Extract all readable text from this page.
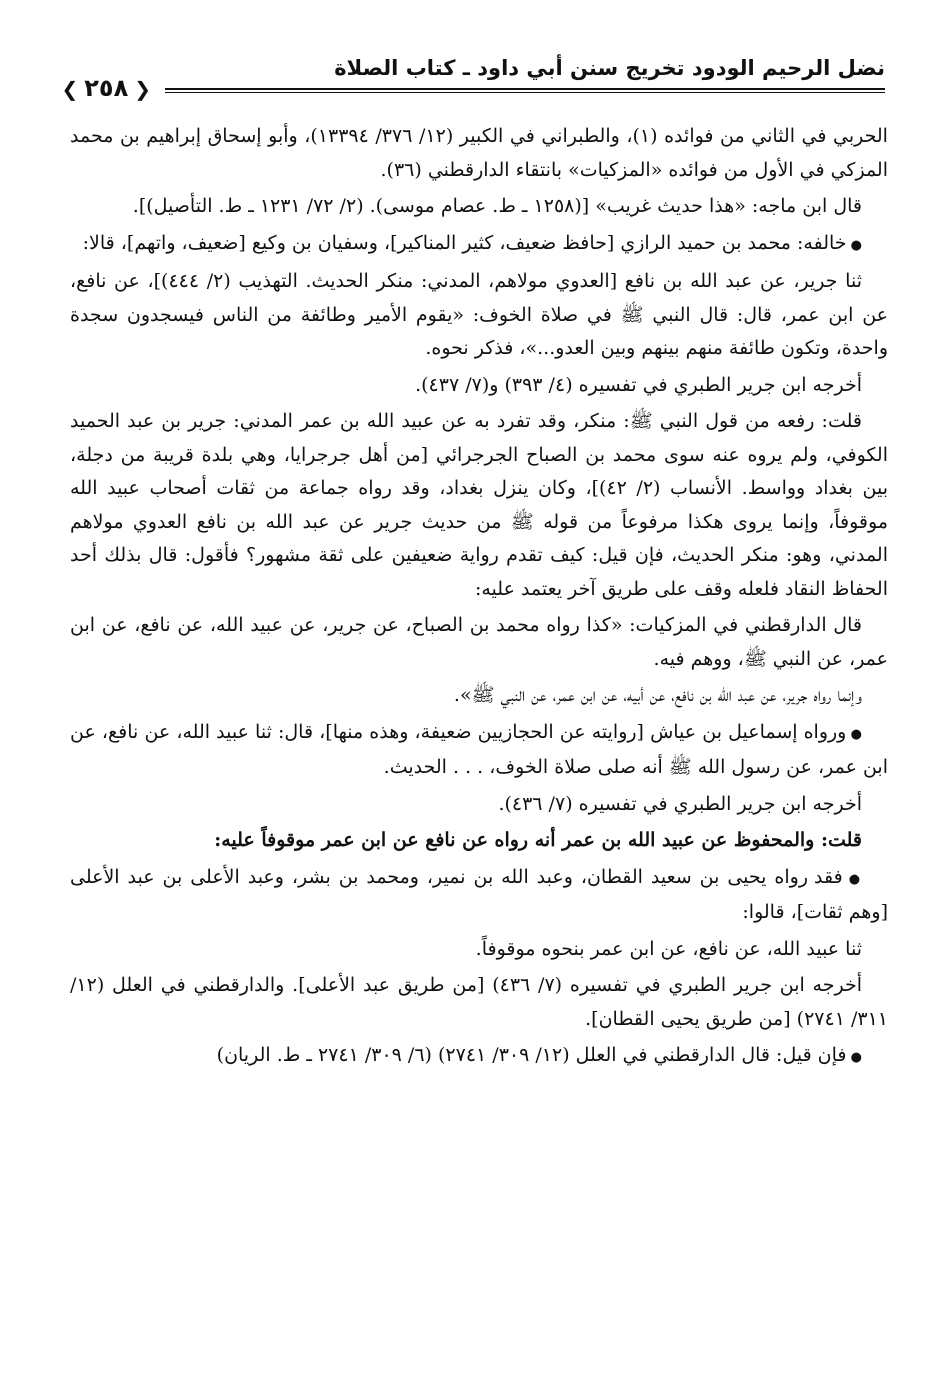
نضل الرحيم الودود تخريج سنن أبي داود ـ كتاب الصلاة
❮ ٢٥٨ ❯

الحربي في الثاني من فوائده (١)، والطبراني في الكبير (١٢/ ٣٧٦/ ١٣٣٩٤)، وأبو إسحاق إبراهيم بن محمد المزكي في الأول من فوائده «المزكيات» بانتقاء الدارقطني (٣٦).

قال ابن ماجه: «هذا حديث غريب» [(١٢٥٨ ـ ط. عصام موسى). (٢/ ٧٢/ ١٢٣١ ـ ط. التأصيل)].

● خالفه: محمد بن حميد الرازي [حافظ ضعيف، كثير المناكير]، وسفيان بن وكيع [ضعيف، واتهم]، قالا:

ثنا جرير، عن عبد الله بن نافع [العدوي مولاهم، المدني: منكر الحديث. التهذيب (٢/ ٤٤٤)]، عن نافع، عن ابن عمر، قال: قال النبي ﷺ في صلاة الخوف: «يقوم الأمير وطائفة من الناس فيسجدون سجدة واحدة، وتكون طائفة منهم بينهم وبين العدو...»، فذكر نحوه.

أخرجه ابن جرير الطبري في تفسيره (٤/ ٣٩٣) و(٧/ ٤٣٧).

قلت: رفعه من قول النبي ﷺ: منكر، وقد تفرد به عن عبيد الله بن عمر المدني: جرير بن عبد الحميد الكوفي، ولم يروه عنه سوى محمد بن الصباح الجرجرائي [من أهل جرجرايا، وهي بلدة قريبة من دجلة، بين بغداد وواسط. الأنساب (٢/ ٤٢)]، وكان ينزل بغداد، وقد رواه جماعة من ثقات أصحاب عبيد الله موقوفاً، وإنما يروى هكذا مرفوعاً من قوله ﷺ من حديث جرير عن عبد الله بن نافع العدوي مولاهم المدني، وهو: منكر الحديث، فإن قيل: كيف تقدم رواية ضعيفين على ثقة مشهور؟ فأقول: قال بذلك أحد الحفاظ النقاد فلعله وقف على طريق آخر يعتمد عليه:

قال الدارقطني في المزكيات: «كذا رواه محمد بن الصباح، عن جرير، عن عبيد الله، عن نافع، عن ابن عمر، عن النبي ﷺ، ووهم فيه.

وإنما رواه جرير، عن عبد الله بن نافع، عن أبيه، عن ابن عمر، عن النبي ﷺ».

● ورواه إسماعيل بن عياش [روايته عن الحجازيين ضعيفة، وهذه منها]، قال: ثنا عبيد الله، عن نافع، عن ابن عمر، عن رسول الله ﷺ أنه صلى صلاة الخوف، . . . الحديث.

أخرجه ابن جرير الطبري في تفسيره (٧/ ٤٣٦).

قلت: والمحفوظ عن عبيد الله بن عمر أنه رواه عن نافع عن ابن عمر موقوفاً عليه:

● فقد رواه يحيى بن سعيد القطان، وعبد الله بن نمير، ومحمد بن بشر، وعبد الأعلى بن عبد الأعلى [وهم ثقات]، قالوا:

ثنا عبيد الله، عن نافع، عن ابن عمر بنحوه موقوفاً.

أخرجه ابن جرير الطبري في تفسيره (٧/ ٤٣٦) [من طريق عبد الأعلى]. والدارقطني في العلل (١٢/ ٣١١/ ٢٧٤١) [من طريق يحيى القطان].

● فإن قيل: قال الدارقطني في العلل (١٢/ ٣٠٩/ ٢٧٤١) (٦/ ٣٠٩/ ٢٧٤١ ـ ط. الريان)
